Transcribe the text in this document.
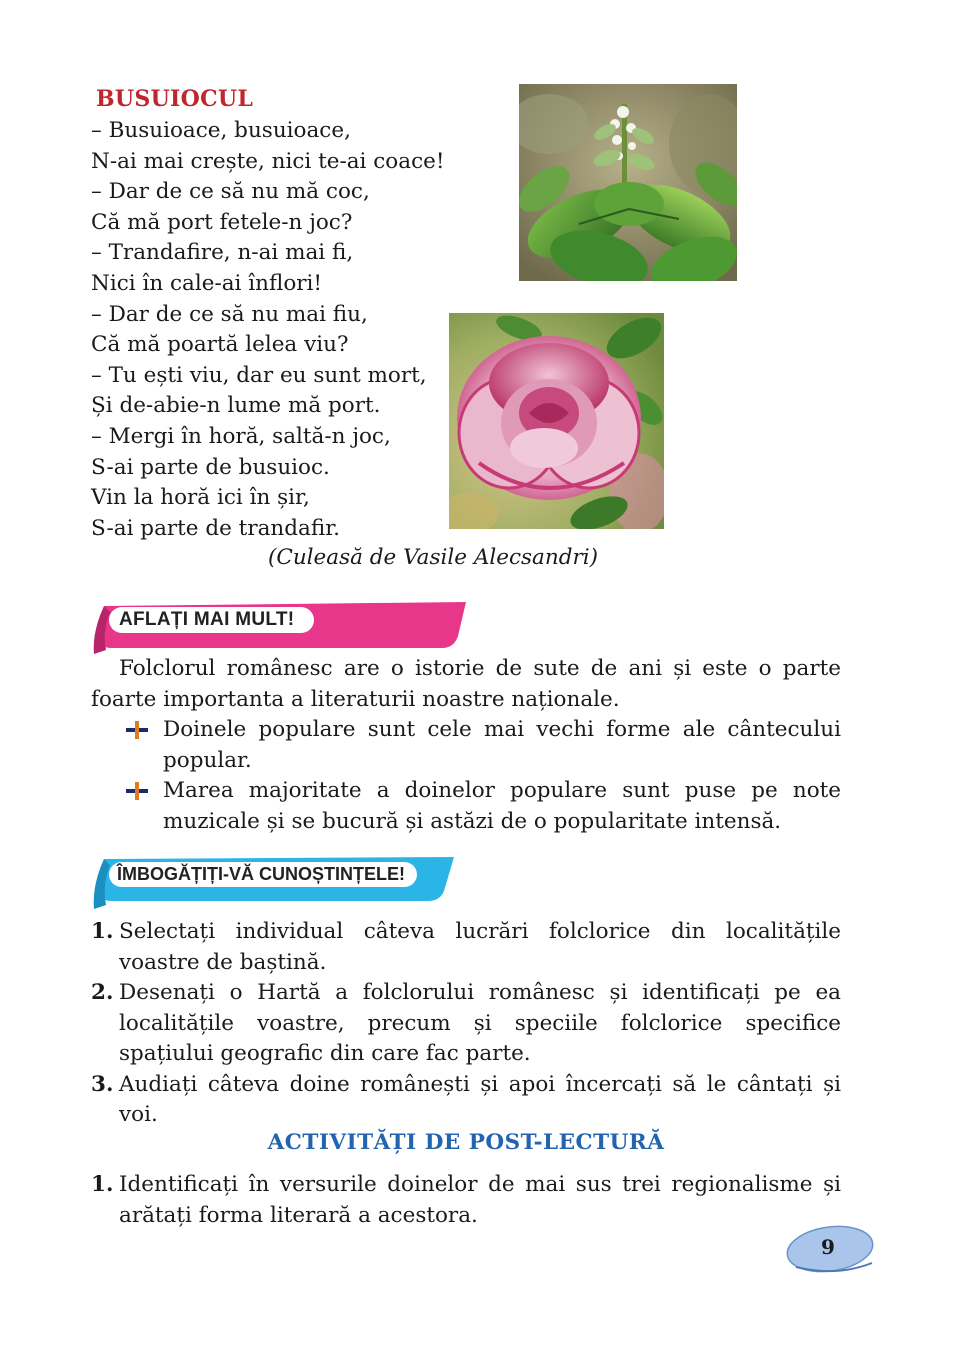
BUSUIOCUL
– Busuioace, busuioace,
N-ai mai crește, nici te-ai coace!
– Dar de ce să nu mă coc,
Că mă port fetele-n joc?
– Trandafire, n-ai mai fi,
Nici în cale-ai înflori!
– Dar de ce să nu mai fiu,
Că mă poartă lelea viu?
– Tu ești viu, dar eu sunt mort,
Și de-abie-n lume mă port.
– Mergi în horă, saltă-n joc,
S-ai parte de busuioc.
Vin la horă ici în șir,
S-ai parte de trandafir.
(Culeasă de Vasile Alecsandri)
AFLAȚI MAI MULT!

Folclorul românesc are o istorie de sute de ani și este o parte foarte importanta a literaturii noastre naționale.

Doinele populare sunt cele mai vechi forme ale cântecului popular.
Marea majoritate a doinelor populare sunt puse pe note muzicale și se bucură și astăzi de o popularitate intensă.
ÎMBOGĂȚIȚI-VĂ CUNOȘTINȚELE!
1. Selectați individual câteva lucrări folclorice din localitățile voastre de baștină.
2. Desenați o Hartă a folclorului românesc și identificați pe ea localitățile voastre, precum și speciile folclorice specifice spațiului geografic din care fac parte.
3. Audiați câteva doine românești și apoi încercați să le cântați și voi.
ACTIVITĂȚI DE POST-LECTURĂ
1. Identificați în versurile doinelor de mai sus trei regionalisme și arătați forma literară a acestora.
9
